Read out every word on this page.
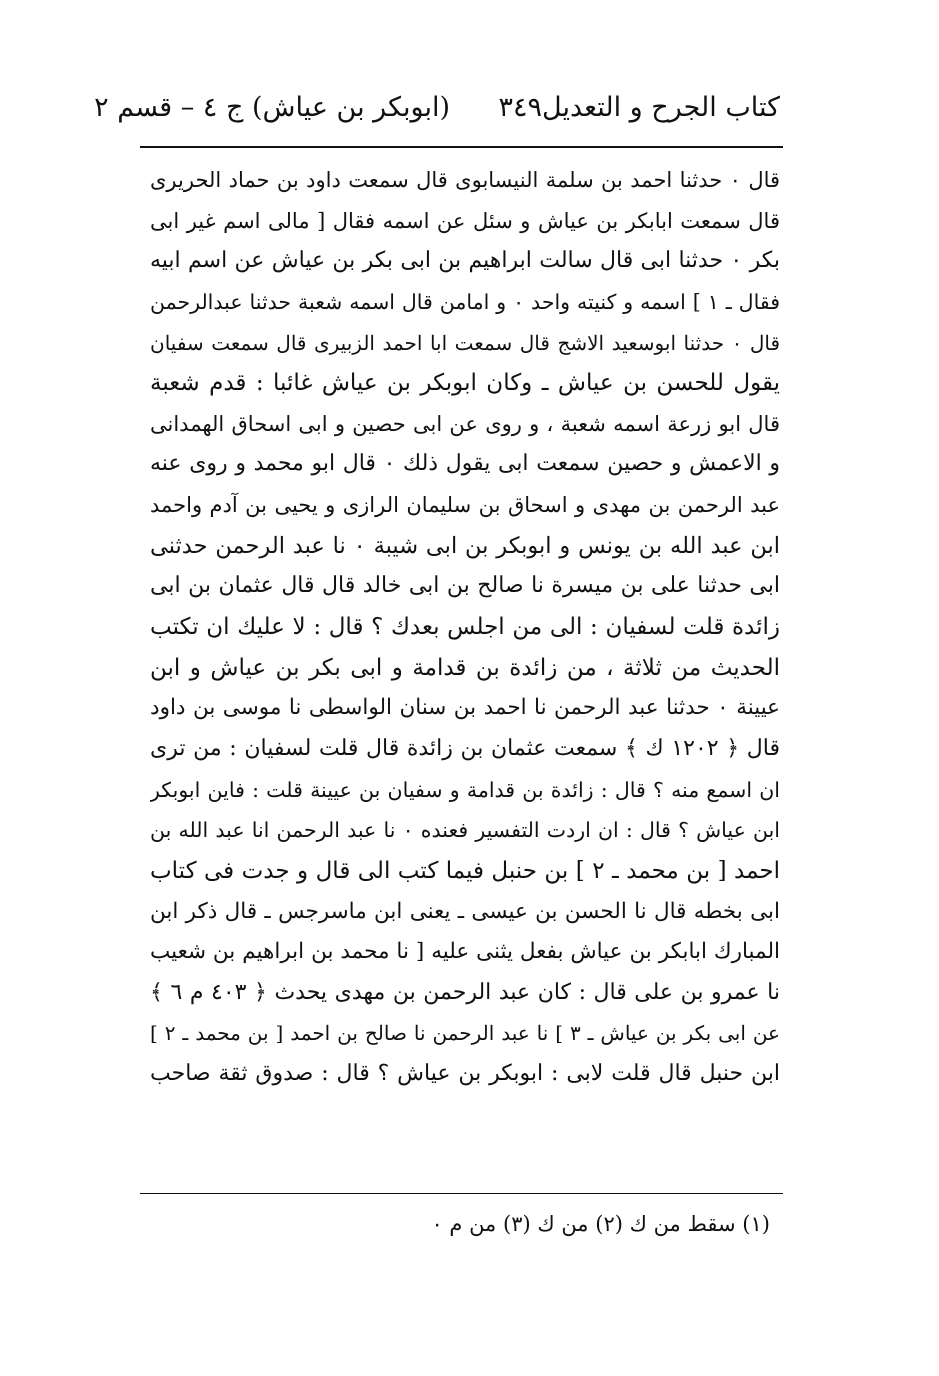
كتاب الجرح و التعديل
٣٤٩
(ابوبكر بن عياش) ج ٤ – قسم ٢
قال ٠ حدثنا احمد بن سلمة النيسابوى قال سمعت داود بن حماد الحريرى
قال سمعت ابابكر بن عياش و سئل عن اسمه فقال [ مالى اسم غير ابى
بكر ٠ حدثنا ابى قال سالت ابراهيم بن ابى بكر بن عياش عن اسم ابيه
فقال ـ ١ ] اسمه و كنيته واحد ٠ و امامن قال اسمه شعبة حدثنا عبدالرحمن
قال ٠ حدثنا ابوسعيد الاشج قال سمعت ابا احمد الزبيرى قال سمعت سفيان
يقول للحسن بن عياش ـ وكان ابوبكر بن عياش غائبا : قدم شعبة
قال ابو زرعة اسمه شعبة ، و روى عن ابى حصين و ابى اسحاق الهمدانى
و الاعمش و حصين سمعت ابى يقول ذلك ٠ قال ابو محمد و روى عنه
عبد الرحمن بن مهدى و اسحاق بن سليمان الرازى و يحيى بن آدم واحمد
ابن عبد الله بن يونس و ابوبكر بن ابى شيبة ٠ نا عبد الرحمن حدثنى
ابى حدثنا على بن ميسرة نا صالح بن ابى خالد قال قال عثمان بن ابى
زائدة قلت لسفيان : الى من اجلس بعدك ؟ قال : لا عليك ان تكتب
الحديث من ثلاثة ، من زائدة بن قدامة و ابى بكر بن عياش و ابن
عيينة ٠ حدثنا عبد الرحمن نا احمد بن سنان الواسطى نا موسى بن داود
قال ﴿ ١٢٠٢ ك ﴾ سمعت عثمان بن زائدة قال قلت لسفيان : من ترى
ان اسمع منه ؟ قال : زائدة بن قدامة و سفيان بن عيينة قلت : فاين ابوبكر
ابن عياش ؟ قال : ان اردت التفسير فعنده ٠ نا عبد الرحمن انا عبد الله بن
احمد [ بن محمد ـ ٢ ] بن حنبل فيما كتب الى قال و جدت فى كتاب
ابى بخطه قال نا الحسن بن عيسى ـ يعنى ابن ماسرجس ـ قال ذكر ابن
المبارك ابابكر بن عياش بفعل يثنى عليه [ نا محمد بن ابراهيم بن شعيب
نا عمرو بن على قال : كان عبد الرحمن بن مهدى يحدث ﴿ ٤٠٣ م ٦ ﴾
عن ابى بكر بن عياش ـ ٣ ] نا عبد الرحمن نا صالح بن احمد [ بن محمد ـ ٢ ]
ابن حنبل قال قلت لابى : ابوبكر بن عياش ؟ قال : صدوق ثقة صاحب
(١) سقط من ك (٢) من ك (٣) من م ٠
